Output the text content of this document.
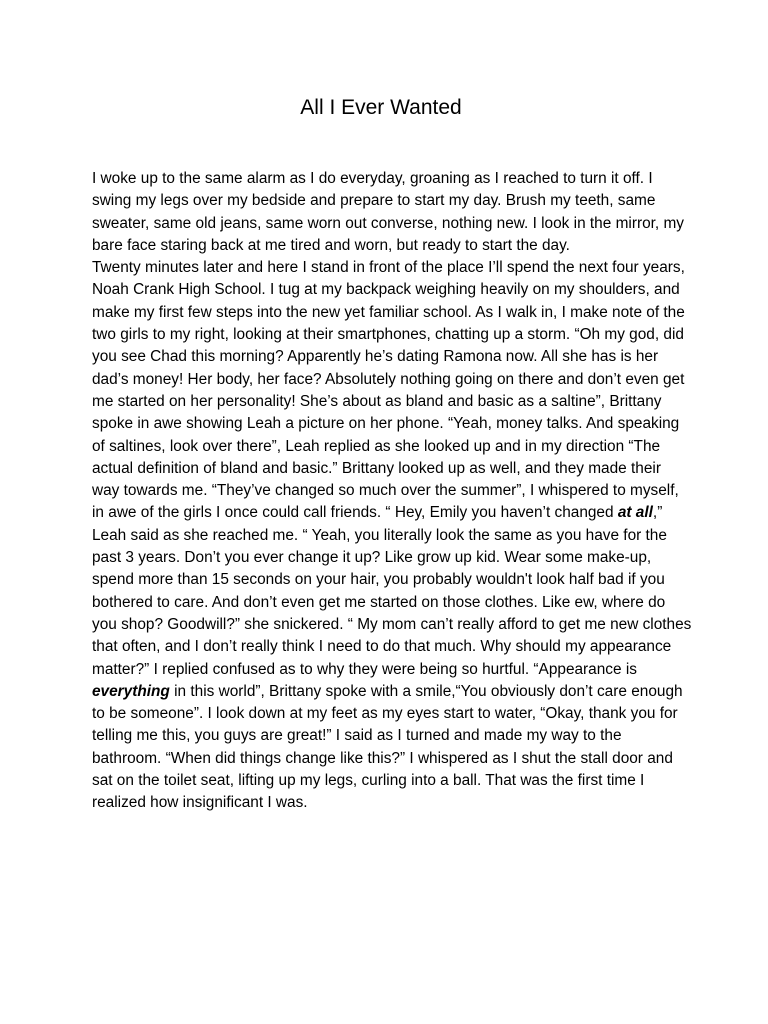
All I Ever Wanted

I woke up to the same alarm as I do everyday, groaning as I reached to turn it off. I swing my legs over my bedside and prepare to start my day. Brush my teeth, same sweater, same old jeans, same worn out converse, nothing new. I look in the mirror, my bare face staring back at me tired and worn, but ready to start the day.

Twenty minutes later and here I stand in front of the place I’ll spend the next four years, Noah Crank High School. I tug at my backpack weighing heavily on my shoulders, and make my first few steps into the new yet familiar school. As I walk in, I make note of the two girls to my right, looking at their smartphones, chatting up a storm. “Oh my god, did you see Chad this morning? Apparently he’s dating Ramona now. All she has is her dad’s money! Her body, her face? Absolutely nothing going on there and don’t even get me started on her personality! She’s about as bland and basic as a saltine”, Brittany spoke in awe showing Leah a picture on her phone. “Yeah, money talks. And speaking of saltines, look over there”, Leah replied as she looked up and in my direction “The actual definition of bland and basic.” Brittany looked up as well, and they made their way towards me. “They’ve changed so much over the summer”, I whispered to myself, in awe of the girls I once could call friends. “ Hey, Emily you haven’t changed at all,” Leah said as she reached me. “ Yeah, you literally look the same as you have for the past 3 years. Don’t you ever change it up? Like grow up kid. Wear some make-up, spend more than 15 seconds on your hair, you probably wouldn't look half bad if you bothered to care. And don’t even get me started on those clothes. Like ew, where do you shop? Goodwill?” she snickered. “ My mom can’t really afford to get me new clothes that often, and I don’t really think I need to do that much. Why should my appearance matter?” I replied confused as to why they were being so hurtful. “Appearance is everything in this world”, Brittany spoke with a smile,“You obviously don’t care enough to be someone”. I look down at my feet as my eyes start to water, “Okay, thank you for telling me this, you guys are great!” I said as I turned and made my way to the bathroom. “When did things change like this?” I whispered as I shut the stall door and sat on the toilet seat, lifting up my legs, curling into a ball. That was the first time I realized how insignificant I was.
